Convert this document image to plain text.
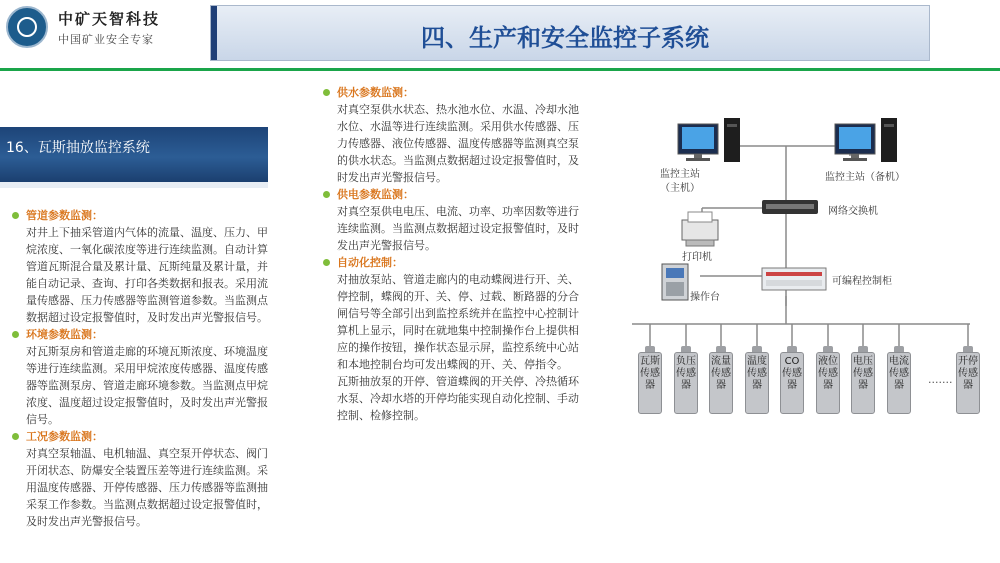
中矿天智科技
中国矿业安全专家	四、生产和安全监控子系统
16、瓦斯抽放监控系统
管道参数监测：
对井上下抽采管道内气体的流量、温度、压力、甲
烷浓度、一氧化碳浓度等进行连续监测。自动计算
管道瓦斯混合量及累计量、瓦斯纯量及累计量，并
能自动记录、查询、打印各类数据和报表。采用流
量传感器、压力传感器等监测管道参数。当监测点
数据超过设定报警值时，及时发出声光警报信号。
环境参数监测：
对瓦斯泵房和管道走廊的环境瓦斯浓度、环境温度
等进行连续监测。采用甲烷浓度传感器、温度传感
器等监测泵房、管道走廊环境参数。当监测点甲烷
浓度、温度超过设定报警值时，及时发出声光警报
信号。
工况参数监测：
对真空泵轴温、电机轴温、真空泵开停状态、阀门
开闭状态、防爆安全装置压差等进行连续监测。采
用温度传感器、开停传感器、压力传感器等监测抽
采泵工作参数。当监测点数据超过设定报警值时，
及时发出声光警报信号。
供水参数监测：
对真空泵供水状态、热水池水位、水温、冷却水池
水位、水温等进行连续监测。采用供水传感器、压
力传感器、液位传感器、温度传感器等监测真空泵
的供水状态。当监测点数据超过设定报警值时，及
时发出声光警报信号。
供电参数监测：
对真空泵供电电压、电流、功率、功率因数等进行
连续监测。当监测点数据超过设定报警值时，及时
发出声光警报信号。
自动化控制：
对抽放泵站、管道走廊内的电动蝶阀进行开、关、
停控制，蝶阀的开、关、停、过载、断路器的分合
闸信号等全部引出到监控系统并在监控中心控制计
算机上显示，同时在就地集中控制操作台上提供相
应的操作按钮，操作状态显示屏，监控系统中心站
和本地控制台均可发出蝶阀的开、关、停指令。
瓦斯抽放泵的开停、管道蝶阀的开关停、冷热循环
水泵、冷却水塔的开停均能实现自动化控制、手动
控制、检修控制。
监控主站
（主机）
监控主站（备机）
网络交换机
打印机
可编程控制柜
操作台
瓦斯传感器
负压传感器
流量传感器
温度传感器
CO传感器
液位传感器
电压传感器
电流传感器
开停传感器
·······
